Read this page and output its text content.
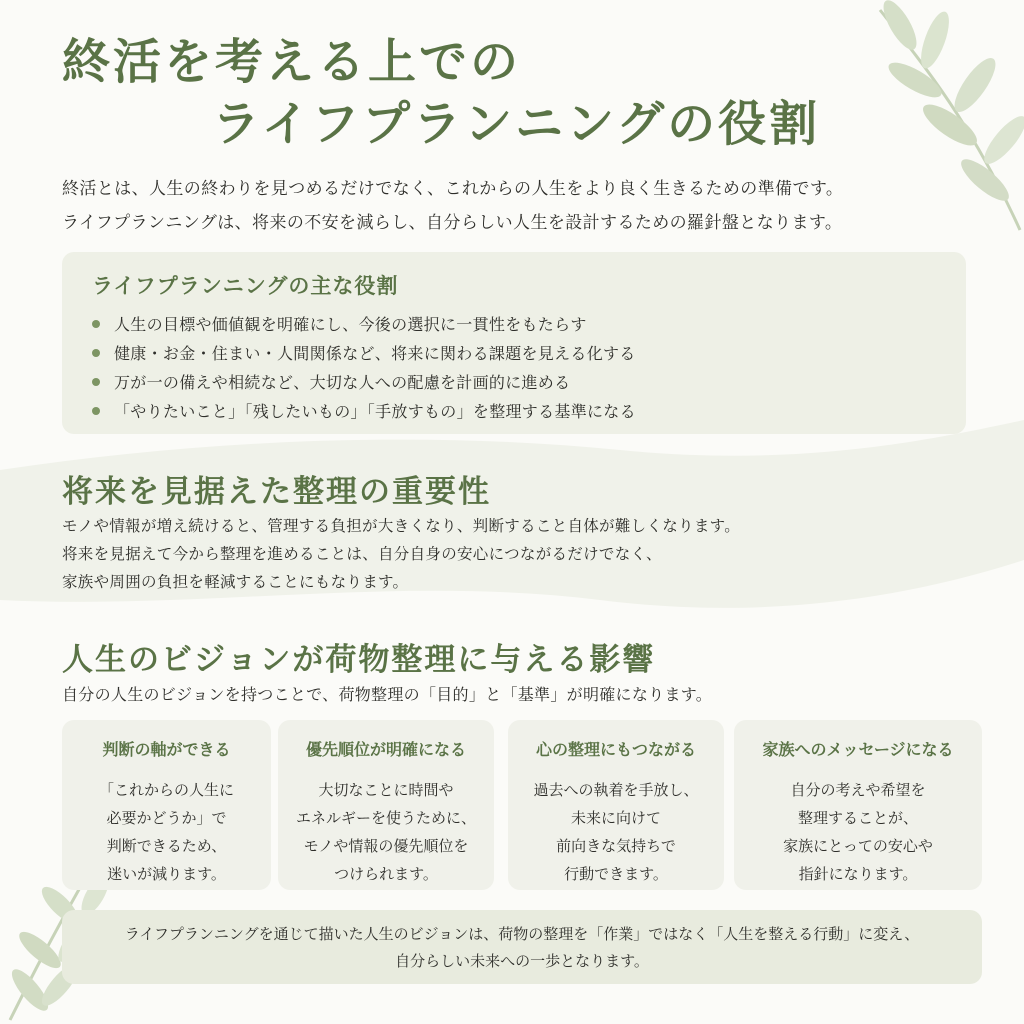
終活を考える上での
ライフプランニングの役割

終活とは、人生の終わりを見つめるだけでなく、これからの人生をより良く生きるための準備です。

ライフプランニングは、将来の不安を減らし、自分らしい人生を設計するための羅針盤となります。

ライフプランニングの主な役割
人生の目標や価値観を明確にし、今後の選択に一貫性をもたらす
健康・お金・住まい・人間関係など、将来に関わる課題を見える化する
万が一の備えや相続など、大切な人への配慮を計画的に進める
「やりたいこと」「残したいもの」「手放すもの」を整理する基準になる
将来を見据えた整理の重要性

モノや情報が増え続けると、管理する負担が大きくなり、判断すること自体が難しくなります。

将来を見据えて今から整理を進めることは、自分自身の安心につながるだけでなく、

家族や周囲の負担を軽減することにもなります。

人生のビジョンが荷物整理に与える影響

自分の人生のビジョンを持つことで、荷物整理の「目的」と「基準」が明確になります。

判断の軸ができる
「これからの人生に
必要かどうか」で
判断できるため、
迷いが減ります。
優先順位が明確になる
大切なことに時間や
エネルギーを使うために、
モノや情報の優先順位を
つけられます。
心の整理にもつながる
過去への執着を手放し、
未来に向けて
前向きな気持ちで
行動できます。
家族へのメッセージになる
自分の考えや希望を
整理することが、
家族にとっての安心や
指針になります。

ライフプランニングを通じて描いた人生のビジョンは、荷物の整理を「作業」ではなく「人生を整える行動」に変え、

自分らしい未来への一歩となります。
